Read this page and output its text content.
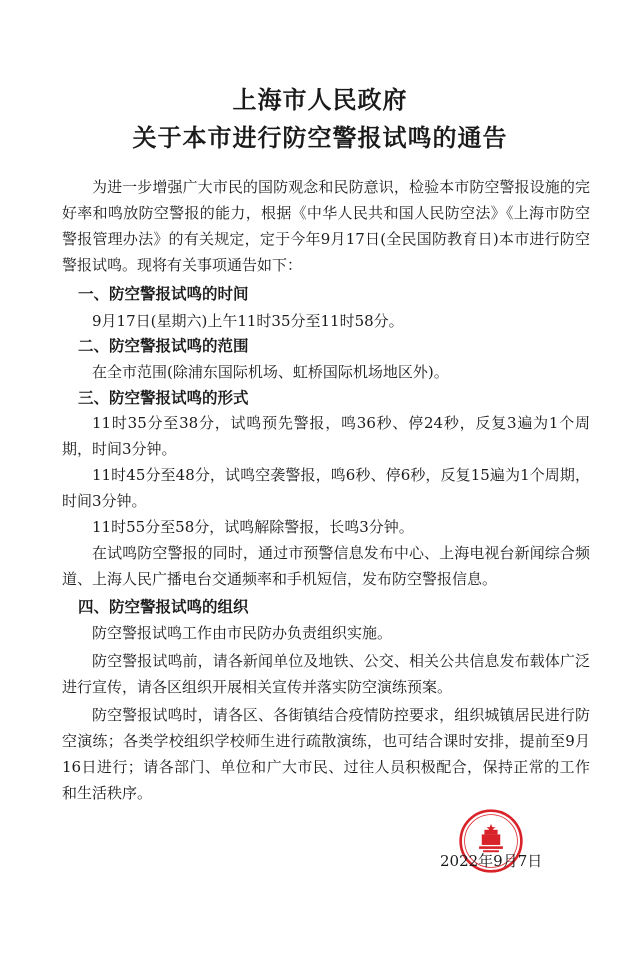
上海市人民政府
关于本市进行防空警报试鸣的通告

为进一步增强广大市民的国防观念和民防意识，检验本市防空警报设施的完好率和鸣放防空警报的能力，根据《中华人民共和国人民防空法》《上海市防空警报管理办法》的有关规定，定于今年9月17日(全民国防教育日)本市进行防空警报试鸣。现将有关事项通告如下：

一、防空警报试鸣的时间

9月17日(星期六)上午11时35分至11时58分。

二、防空警报试鸣的范围

在全市范围(除浦东国际机场、虹桥国际机场地区外)。

三、防空警报试鸣的形式

11时35分至38分，试鸣预先警报，鸣36秒、停24秒，反复3遍为1个周期，时间3分钟。

11时45分至48分，试鸣空袭警报，鸣6秒、停6秒，反复15遍为1个周期，时间3分钟。

11时55分至58分，试鸣解除警报，长鸣3分钟。

在试鸣防空警报的同时，通过市预警信息发布中心、上海电视台新闻综合频道、上海人民广播电台交通频率和手机短信，发布防空警报信息。

四、防空警报试鸣的组织

防空警报试鸣工作由市民防办负责组织实施。

防空警报试鸣前，请各新闻单位及地铁、公交、相关公共信息发布载体广泛进行宣传，请各区组织开展相关宣传并落实防空演练预案。

防空警报试鸣时，请各区、各街镇结合疫情防控要求，组织城镇居民进行防空演练；各类学校组织学校师生进行疏散演练，也可结合课时安排，提前至9月16日进行；请各部门、单位和广大市民、过往人员积极配合，保持正常的工作和生活秩序。

2022年9月7日
